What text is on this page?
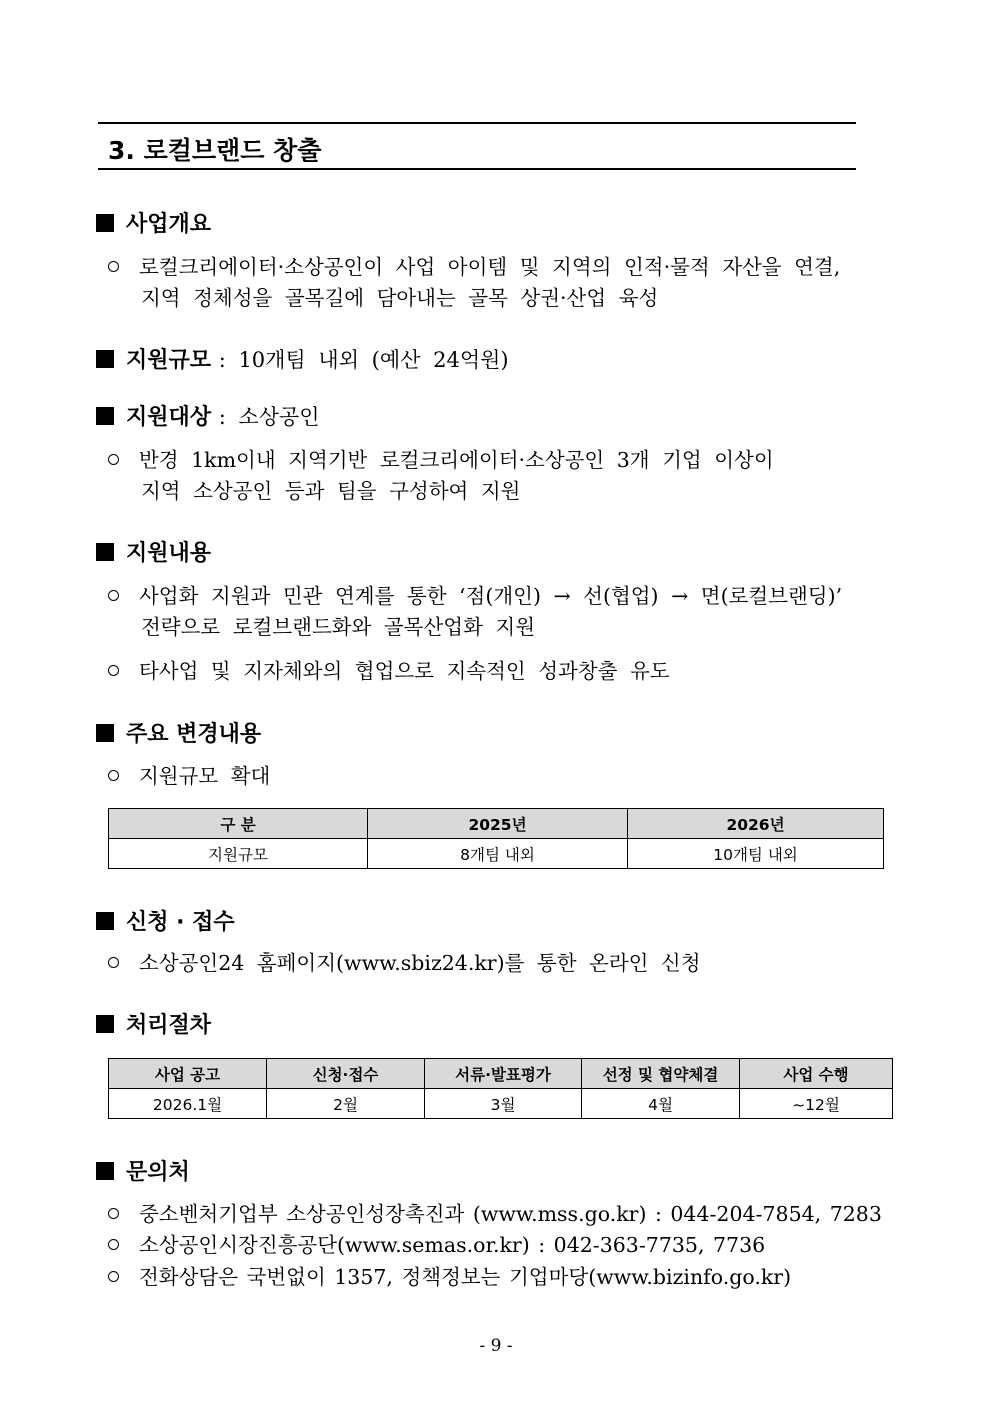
3. 로컬브랜드 창출
사업개요
로컬크리에이터·소상공인이 사업 아이템 및 지역의 인적·물적 자산을 연결,
지역 정체성을 골목길에 담아내는 골목 상권·산업 육성
지원규모 : 10개팀 내외 (예산 24억원)
지원대상 : 소상공인
반경 1km이내 지역기반 로컬크리에이터·소상공인 3개 기업 이상이
지역 소상공인 등과 팀을 구성하여 지원
지원내용
사업화 지원과 민관 연계를 통한 ‘점(개인) → 선(협업) → 면(로컬브랜딩)’
전략으로 로컬브랜드화와 골목산업화 지원
타사업 및 지자체와의 협업으로 지속적인 성과창출 유도
주요 변경내용
지원규모 확대
구 분	2025년	2026년
지원규모	8개팀 내외	10개팀 내외
신청 · 접수
소상공인24 홈페이지(www.sbiz24.kr)를 통한 온라인 신청
처리절차
사업 공고	신청·접수	서류·발표평가	선정 및 협약체결	사업 수행
2026.1월	2월	3월	4월	~12월
문의처
중소벤처기업부 소상공인성장촉진과 (www.mss.go.kr) : 044-204-7854, 7283
소상공인시장진흥공단(www.semas.or.kr) : 042-363-7735, 7736
전화상담은 국번없이 1357, 정책정보는 기업마당(www.bizinfo.go.kr)
- 9 -
